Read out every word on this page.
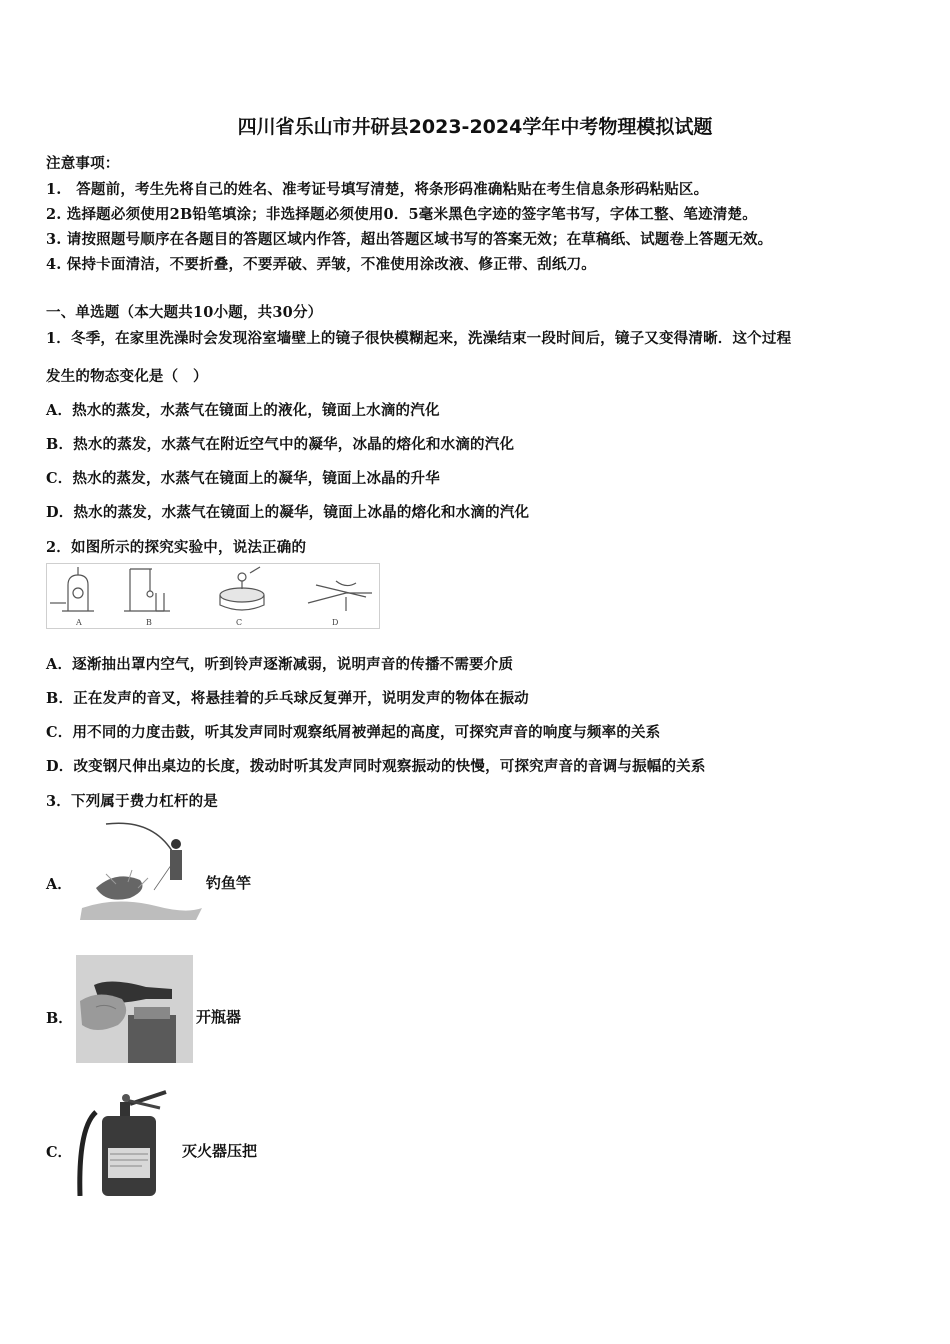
四川省乐山市井研县2023-2024学年中考物理模拟试题
注意事项：
1.　答题前，考生先将自己的姓名、准考证号填写清楚，将条形码准确粘贴在考生信息条形码粘贴区。
2. 选择题必须使用2B铅笔填涂；非选择题必须使用0．5毫米黑色字迹的签字笔书写，字体工整、笔迹清楚。
3. 请按照题号顺序在各题目的答题区域内作答，超出答题区域书写的答案无效；在草稿纸、试题卷上答题无效。
4. 保持卡面清洁，不要折叠，不要弄破、弄皱，不准使用涂改液、修正带、刮纸刀。
一、单选题（本大题共10小题，共30分）
1．冬季，在家里洗澡时会发现浴室墙壁上的镜子很快模糊起来，洗澡结束一段时间后，镜子又变得清晰．这个过程
发生的物态变化是（　）
A．热水的蒸发，水蒸气在镜面上的液化，镜面上水滴的汽化
B．热水的蒸发，水蒸气在附近空气中的凝华，冰晶的熔化和水滴的汽化
C．热水的蒸发，水蒸气在镜面上的凝华，镜面上冰晶的升华
D．热水的蒸发，水蒸气在镜面上的凝华，镜面上冰晶的熔化和水滴的汽化
2．如图所示的探究实验中，说法正确的
A	B	C	D
A．逐渐抽出罩内空气，听到铃声逐渐减弱，说明声音的传播不需要介质
B．正在发声的音叉，将悬挂着的乒乓球反复弹开，说明发声的物体在振动
C．用不同的力度击鼓，听其发声同时观察纸屑被弹起的高度，可探究声音的响度与频率的关系
D．改变钢尺伸出桌边的长度，拨动时听其发声同时观察振动的快慢，可探究声音的音调与振幅的关系
3．下列属于费力杠杆的是
A．	钓鱼竿
B．	开瓶器
C．	灭火器压把
